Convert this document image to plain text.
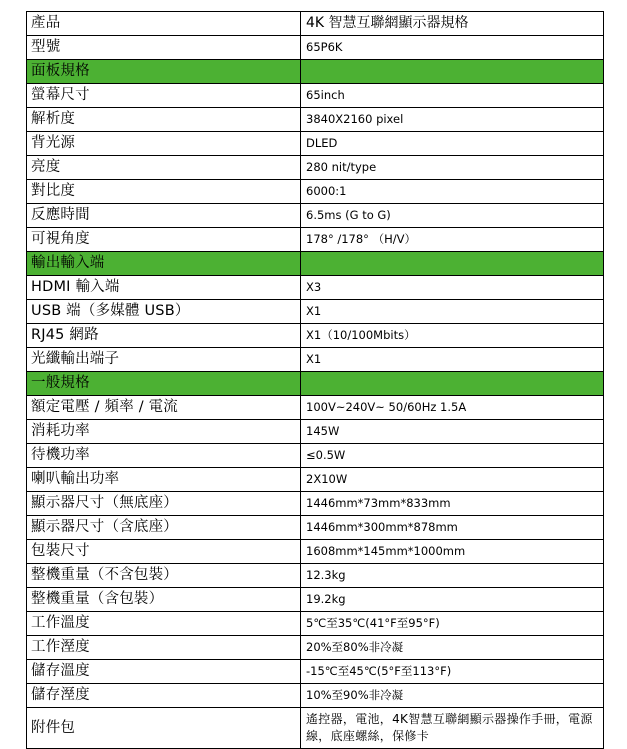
產品	4K 智慧互聯網顯示器規格
型號	65P6K
面板規格	
螢幕尺寸	65inch
解析度	3840X2160 pixel
背光源	DLED
亮度	280 nit/type
對比度	6000:1
反應時間	6.5ms (G to G)
可視角度	178° /178° （H/V）
輸出輸入端	
HDMI 輸入端	X3
USB 端（多媒體 USB）	X1
RJ45 網路	X1（10/100Mbits）
光纖輸出端子	X1
一般規格	
額定電壓 / 頻率 / 電流	100V~240V~ 50/60Hz 1.5A
消耗功率	145W
待機功率	≤0.5W
喇叭輸出功率	2X10W
顯示器尺寸（無底座）	1446mm*73mm*833mm
顯示器尺寸（含底座）	1446mm*300mm*878mm
包裝尺寸	1608mm*145mm*1000mm
整機重量（不含包裝）	12.3kg
整機重量（含包裝）	19.2kg
工作溫度	5℃至35℃(41°F至95°F)
工作溼度	20%至80%非冷凝
儲存溫度	-15℃至45℃(5°F至113°F)
儲存溼度	10%至90%非冷凝
附件包	遙控器，電池，4K智慧互聯網顯示器操作手冊，電源線，底座螺絲，保修卡
